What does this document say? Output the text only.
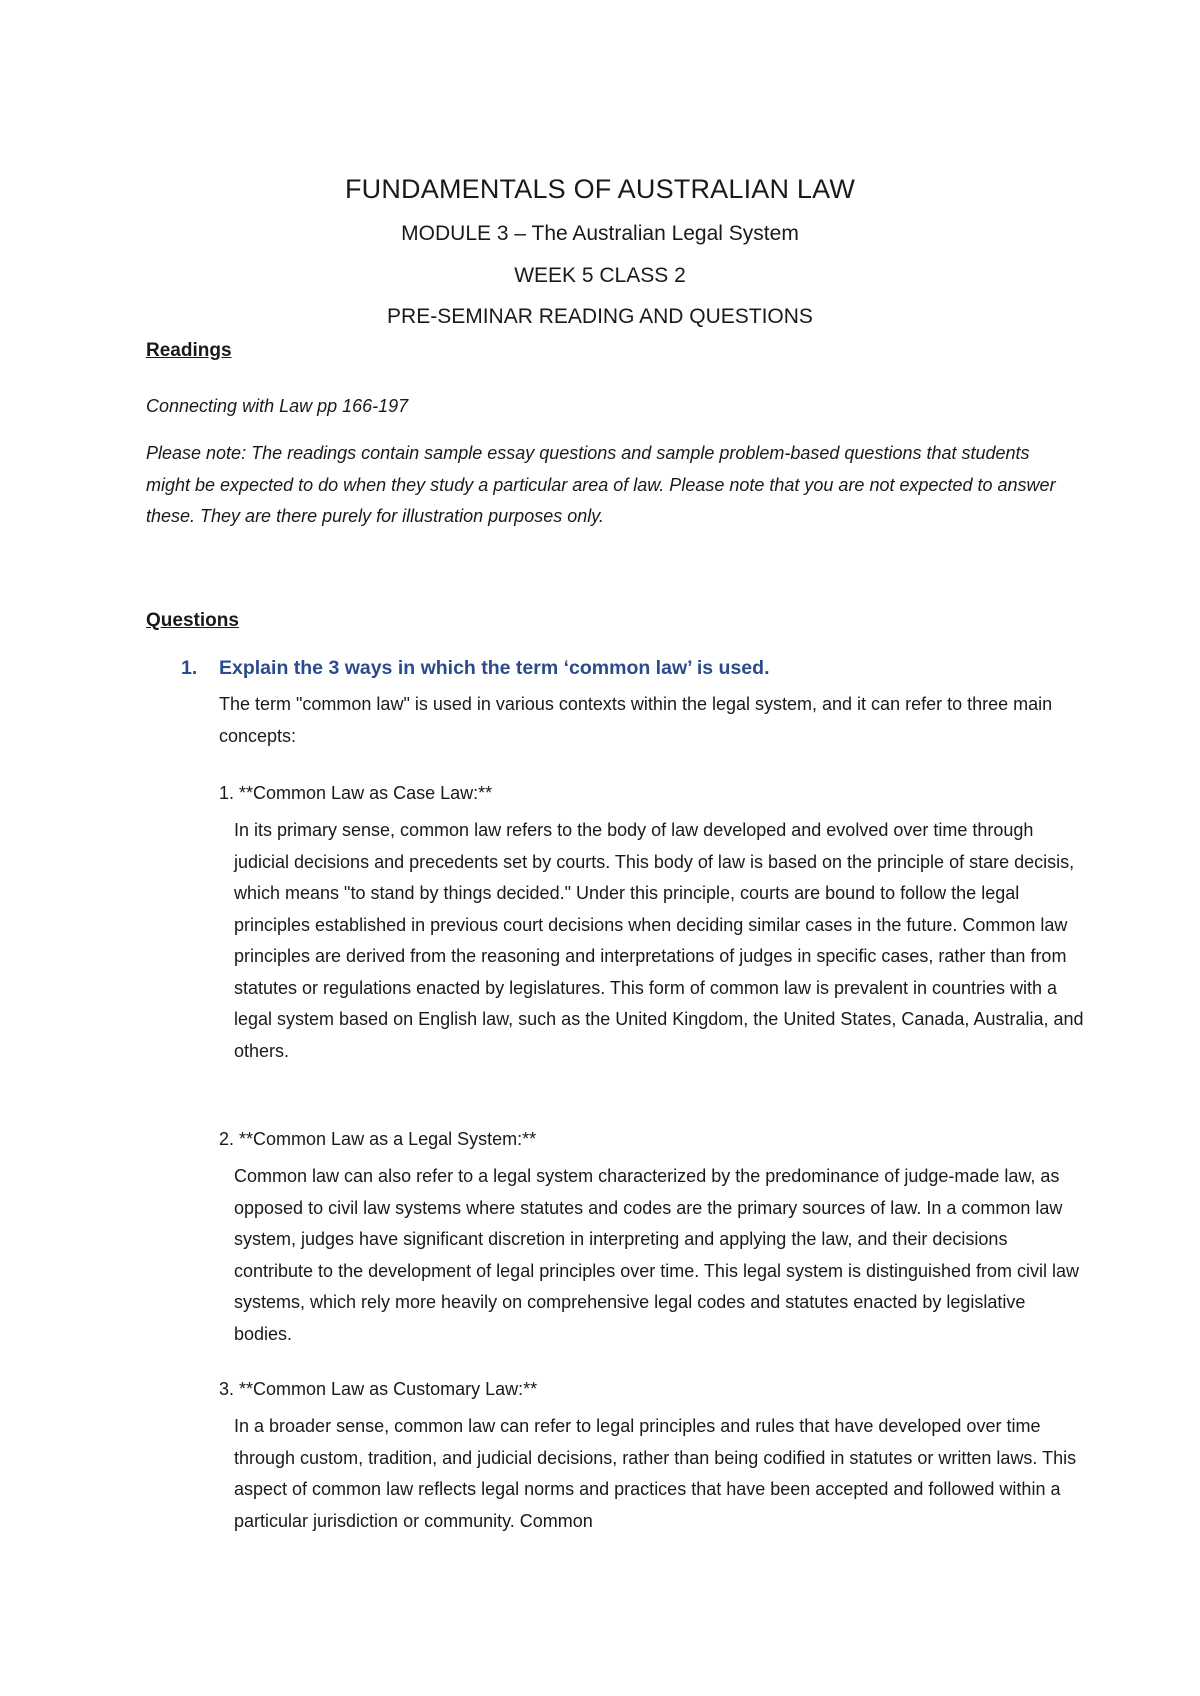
FUNDAMENTALS OF AUSTRALIAN LAW
MODULE 3 – The Australian Legal System
WEEK 5 CLASS 2
PRE-SEMINAR READING AND QUESTIONS
Readings

Connecting with Law pp 166-197

Please note: The readings contain sample essay questions and sample problem-based questions that students might be expected to do when they study a particular area of law. Please note that you are not expected to answer these. They are there purely for illustration purposes only.

Questions
1. Explain the 3 ways in which the term ‘common law’ is used.

The term "common law" is used in various contexts within the legal system, and it can refer to three main concepts:

1. **Common Law as Case Law:**

In its primary sense, common law refers to the body of law developed and evolved over time through judicial decisions and precedents set by courts. This body of law is based on the principle of stare decisis, which means "to stand by things decided." Under this principle, courts are bound to follow the legal principles established in previous court decisions when deciding similar cases in the future. Common law principles are derived from the reasoning and interpretations of judges in specific cases, rather than from statutes or regulations enacted by legislatures. This form of common law is prevalent in countries with a legal system based on English law, such as the United Kingdom, the United States, Canada, Australia, and others.

2. **Common Law as a Legal System:**

Common law can also refer to a legal system characterized by the predominance of judge-made law, as opposed to civil law systems where statutes and codes are the primary sources of law. In a common law system, judges have significant discretion in interpreting and applying the law, and their decisions contribute to the development of legal principles over time. This legal system is distinguished from civil law systems, which rely more heavily on comprehensive legal codes and statutes enacted by legislative bodies.

3. **Common Law as Customary Law:**

In a broader sense, common law can refer to legal principles and rules that have developed over time through custom, tradition, and judicial decisions, rather than being codified in statutes or written laws. This aspect of common law reflects legal norms and practices that have been accepted and followed within a particular jurisdiction or community. Common
